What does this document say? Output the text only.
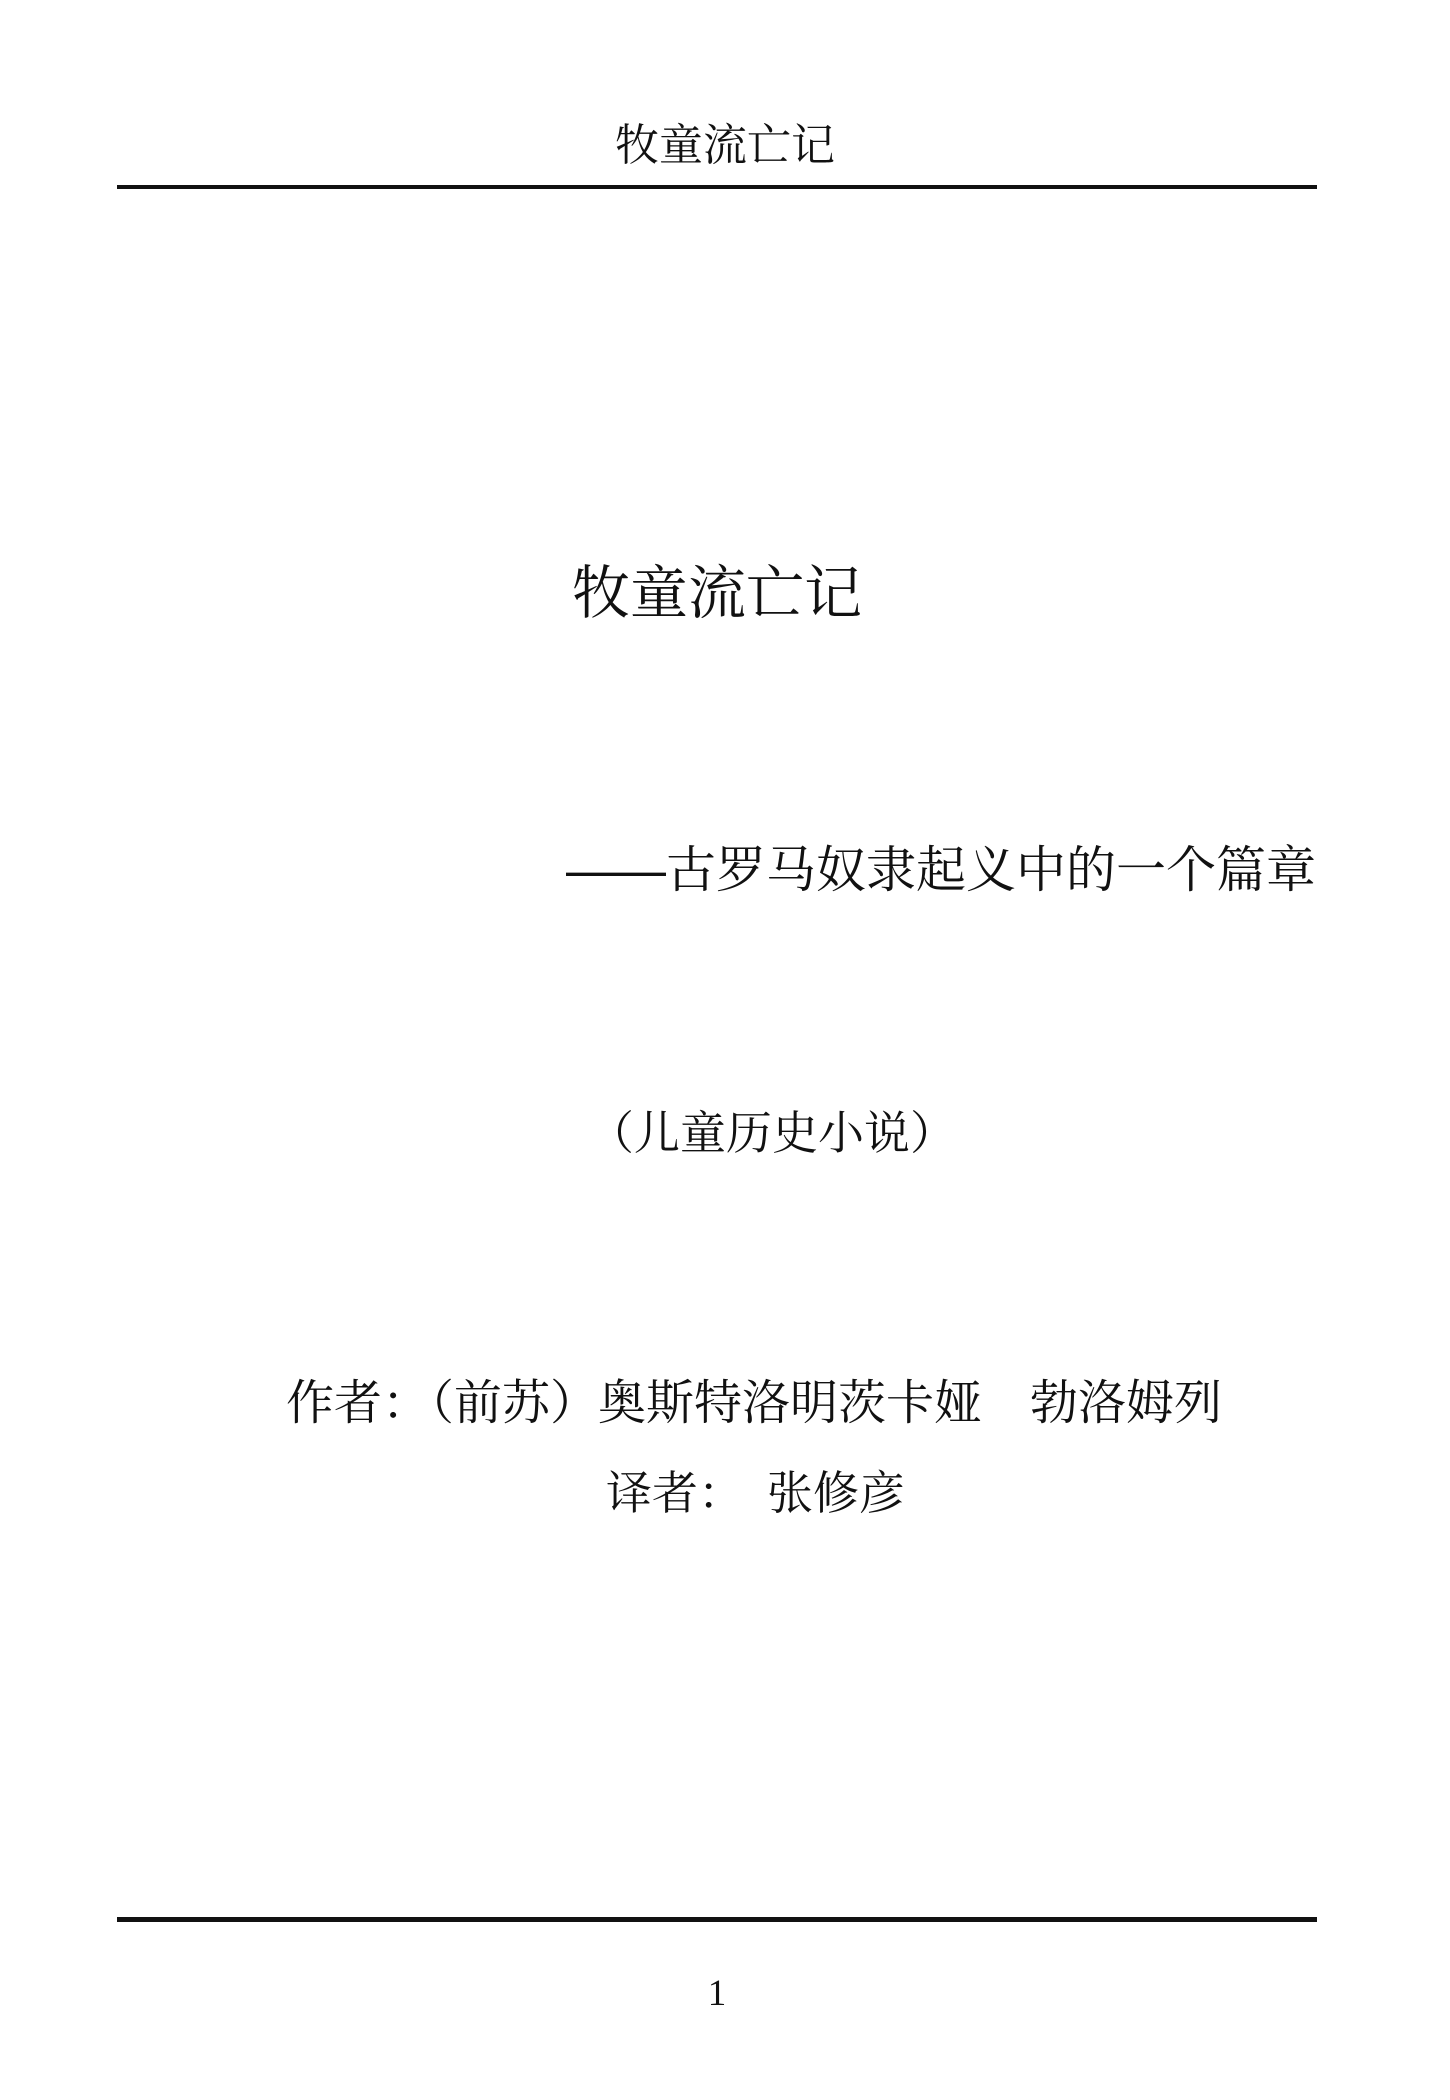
牧童流亡记
牧童流亡记
——古罗马奴隶起义中的一个篇章
（儿童历史小说）
作者：（前苏）奥斯特洛明茨卡娅　勃洛姆列
译者：　张修彦
1
